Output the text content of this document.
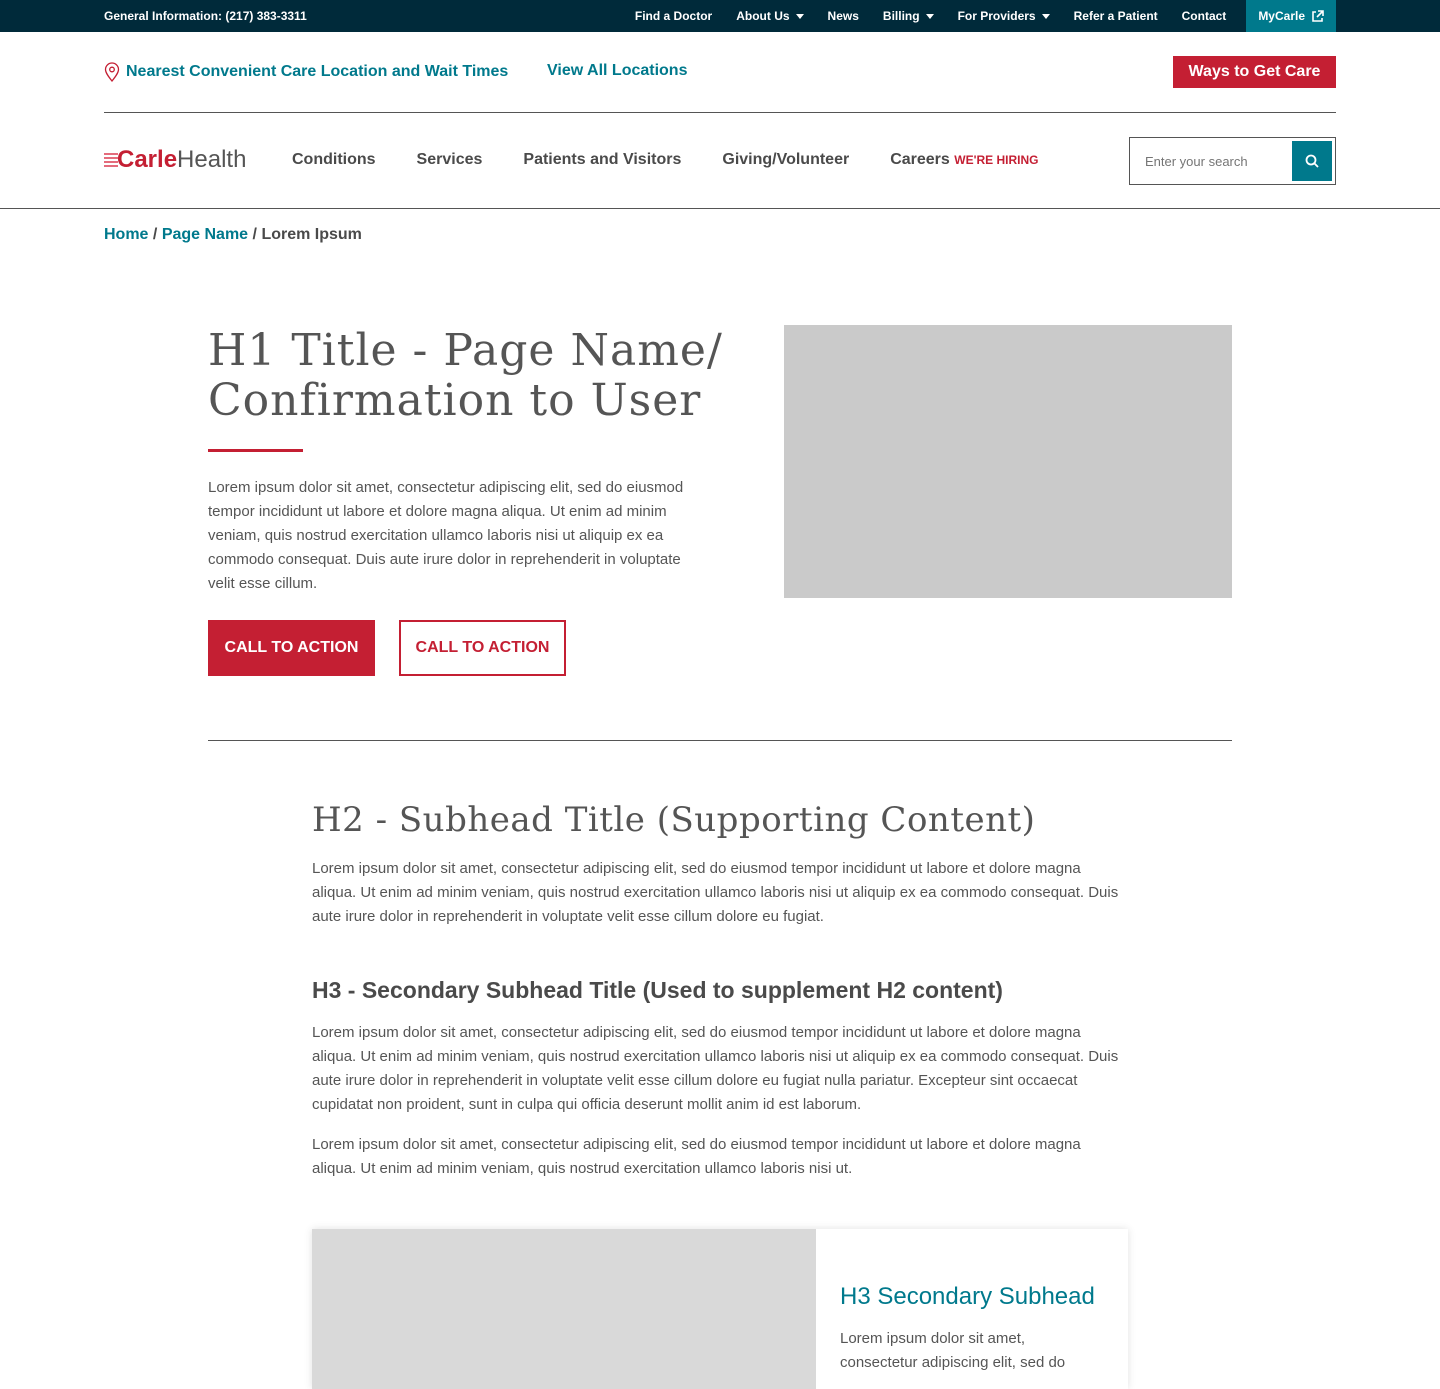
General Information: (217) 383-3311	Find a Doctor About Us	News Billing	For Providers	Refer a Patient Contact	MyCarle
Nearest Convenient Care Location and Wait Times View All Locations	Ways to Get Care
Carle Health	Conditions	Services	Patients and Visitors	Giving/Volunteer	Careers WE'RE HIRING
Enter your search
Home / Page Name / Lorem Ipsum
H1 Title - Page Name/
Confirmation to User

Lorem ipsum dolor sit amet, consectetur adipiscing elit, sed do eiusmod tempor incididunt ut labore et dolore magna aliqua. Ut enim ad minim veniam, quis nostrud exercitation ullamco laboris nisi ut aliquip ex ea commodo consequat. Duis aute irure dolor in reprehenderit in voluptate velit esse cillum.

CALL TO ACTION	CALL TO ACTION
H2 - Subhead Title (Supporting Content)

Lorem ipsum dolor sit amet, consectetur adipiscing elit, sed do eiusmod tempor incididunt ut labore et dolore magna aliqua. Ut enim ad minim veniam, quis nostrud exercitation ullamco laboris nisi ut aliquip ex ea commodo consequat. Duis aute irure dolor in reprehenderit in voluptate velit esse cillum dolore eu fugiat.

H3 - Secondary Subhead Title (Used to supplement H2 content)

Lorem ipsum dolor sit amet, consectetur adipiscing elit, sed do eiusmod tempor incididunt ut labore et dolore magna aliqua. Ut enim ad minim veniam, quis nostrud exercitation ullamco laboris nisi ut aliquip ex ea commodo consequat. Duis aute irure dolor in reprehenderit in voluptate velit esse cillum dolore eu fugiat nulla pariatur. Excepteur sint occaecat cupidatat non proident, sunt in culpa qui officia deserunt mollit anim id est laborum.

Lorem ipsum dolor sit amet, consectetur adipiscing elit, sed do eiusmod tempor incididunt ut labore et dolore magna aliqua. Ut enim ad minim veniam, quis nostrud exercitation ullamco laboris nisi ut.

H3 Secondary Subhead

Lorem ipsum dolor sit amet, consectetur adipiscing elit, sed do
